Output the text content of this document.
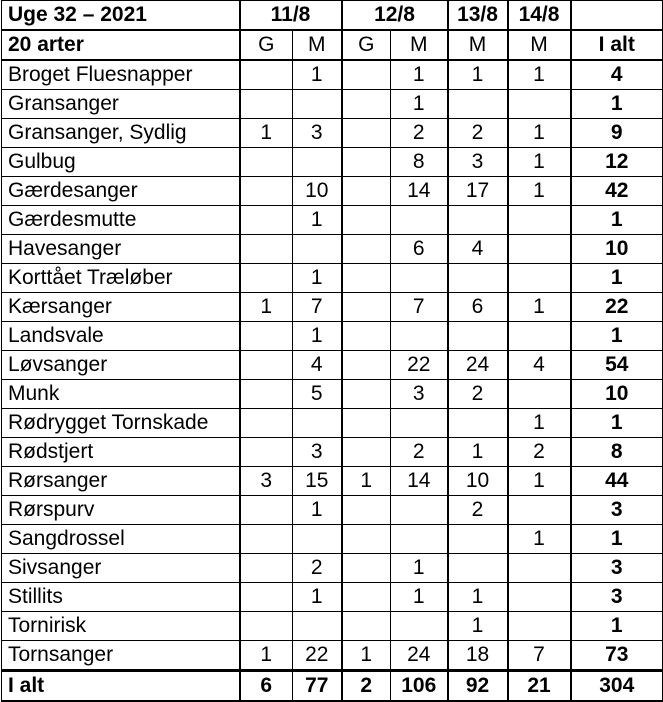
Uge 32 – 2021	11/8		12/8		13/8	14/8	
20 arter	G	M	G	M	M	M	I alt
Broget Fluesnapper		1		1	1	1	4
Gransanger				1			1
Gransanger, Sydlig	1	3		2	2	1	9
Gulbug				8	3	1	12
Gærdesanger		10		14	17	1	42
Gærdesmutte		1					1
Havesanger				6	4		10
Korttået Træløber		1					1
Kærsanger	1	7		7	6	1	22
Landsvale		1					1
Løvsanger		4		22	24	4	54
Munk		5		3	2		10
Rødrygget Tornskade						1	1
Rødstjert		3		2	1	2	8
Rørsanger	3	15	1	14	10	1	44
Rørspurv		1			2		3
Sangdrossel						1	1
Sivsanger		2		1			3
Stillits		1		1	1		3
Tornirisk					1		1
Tornsanger	1	22	1	24	18	7	73
I alt	6	77	2	106	92	21	304
